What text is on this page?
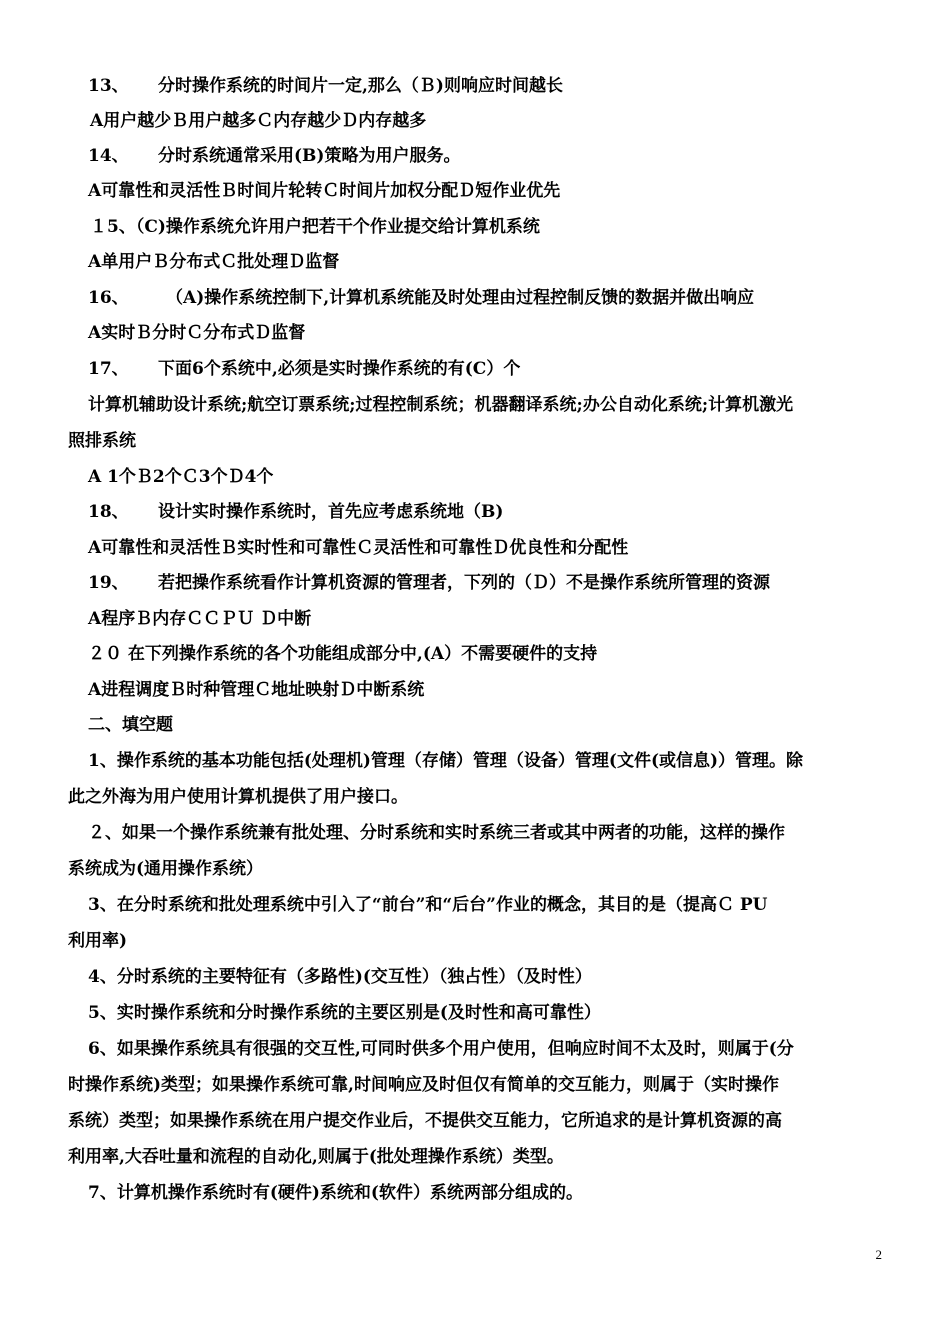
13、 分时操作系统的时间片一定,那么（Ｂ)则响应时间越长
A用户越少Ｂ用户越多Ｃ内存越少Ｄ内存越多
14、 分时系统通常采用(B)策略为用户服务。
A可靠性和灵活性Ｂ时间片轮转Ｃ时间片加权分配Ｄ短作业优先
１5、（C)操作系统允许用户把若干个作业提交给计算机系统
A单用户Ｂ分布式Ｃ批处理Ｄ监督
16、 （A)操作系统控制下,计算机系统能及时处理由过程控制反馈的数据并做出响应
A实时Ｂ分时Ｃ分布式Ｄ监督
17、 下面6个系统中,必须是实时操作系统的有(C）个
计算机辅助设计系统;航空订票系统;过程控制系统；机器翻译系统;办公自动化系统;计算机激光
照排系统
A 1个Ｂ2个Ｃ3个Ｄ4个
18、 设计实时操作系统时，首先应考虑系统地（B)
A可靠性和灵活性Ｂ实时性和可靠性Ｃ灵活性和可靠性Ｄ优良性和分配性
19、 若把操作系统看作计算机资源的管理者，下列的（Ｄ）不是操作系统所管理的资源
A程序Ｂ内存ＣＣＰＵ Ｄ中断
２０ 在下列操作系统的各个功能组成部分中,(A）不需要硬件的支持
A进程调度Ｂ时种管理Ｃ地址映射Ｄ中断系统
二、填空题
1、操作系统的基本功能包括(处理机)管理（存储）管理（设备）管理(文件(或信息)）管理。除
此之外海为用户使用计算机提供了用户接口。
２、如果一个操作系统兼有批处理、分时系统和实时系统三者或其中两者的功能，这样的操作
系统成为(通用操作系统）
3、在分时系统和批处理系统中引入了“前台”和“后台”作业的概念，其目的是（提高Ｃ PU
利用率)
4、分时系统的主要特征有（多路性)(交互性）（独占性）（及时性）
5、实时操作系统和分时操作系统的主要区别是(及时性和高可靠性）
6、如果操作系统具有很强的交互性,可同时供多个用户使用，但响应时间不太及时，则属于(分
时操作系统)类型；如果操作系统可靠,时间响应及时但仅有简单的交互能力，则属于（实时操作
系统）类型；如果操作系统在用户提交作业后，不提供交互能力，它所追求的是计算机资源的高
利用率,大吞吐量和流程的自动化,则属于(批处理操作系统）类型。
7、计算机操作系统时有(硬件)系统和(软件）系统两部分组成的。
2
